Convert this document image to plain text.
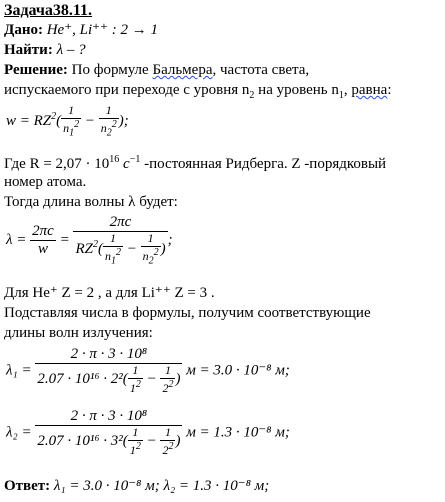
Задача38.11.
Дано: He⁺, Li⁺⁺ : 2 → 1
Найти: λ – ?
Решение: По формуле Бальмера, частота света,
испускаемого при переходе с уровня $n_2$ на уровень $n_1$, равна:
$w = RZ^2( \frac{1}{n_1^2} - \frac{1}{n_2^2}$ );
Где $R = 2,07 \cdot 10^{16}$ $c^{-1}$ -постоянная Ридберга. Z -порядковый
номер атома.
Тогда длина волны λ будет:
$\lambda = \frac{2\pi c}{w} = \frac{2\pi c}{RZ^2( \frac{1}{n_1^2} - \frac{1}{n_2^2} )}$ ;
Для He⁺ Z = 2 , а для Li⁺⁺ Z = 3 .
Подставляя числа в формулы, получим соответствующие
длины волн излучения:
$\lambda_1 = \frac{\text{2 · π · 3 · 10⁸}}{2.07 \cdot 10^{16} \cdot 2^2( \frac{1}{1^2} - \frac{1}{2^2} )}$ м = 3.0 · 10⁻⁸ м;
$\lambda_2 = \frac{\text{2 · π · 3 · 10⁸}}{2.07 \cdot 10^{16} \cdot 3^2( \frac{1}{1^2} - \frac{1}{2^2} )}$ м = 1.3 · 10⁻⁸ м;
Ответ: λ₁ = 3.0 · 10⁻⁸ м; λ₂ = 1.3 · 10⁻⁸ м;
